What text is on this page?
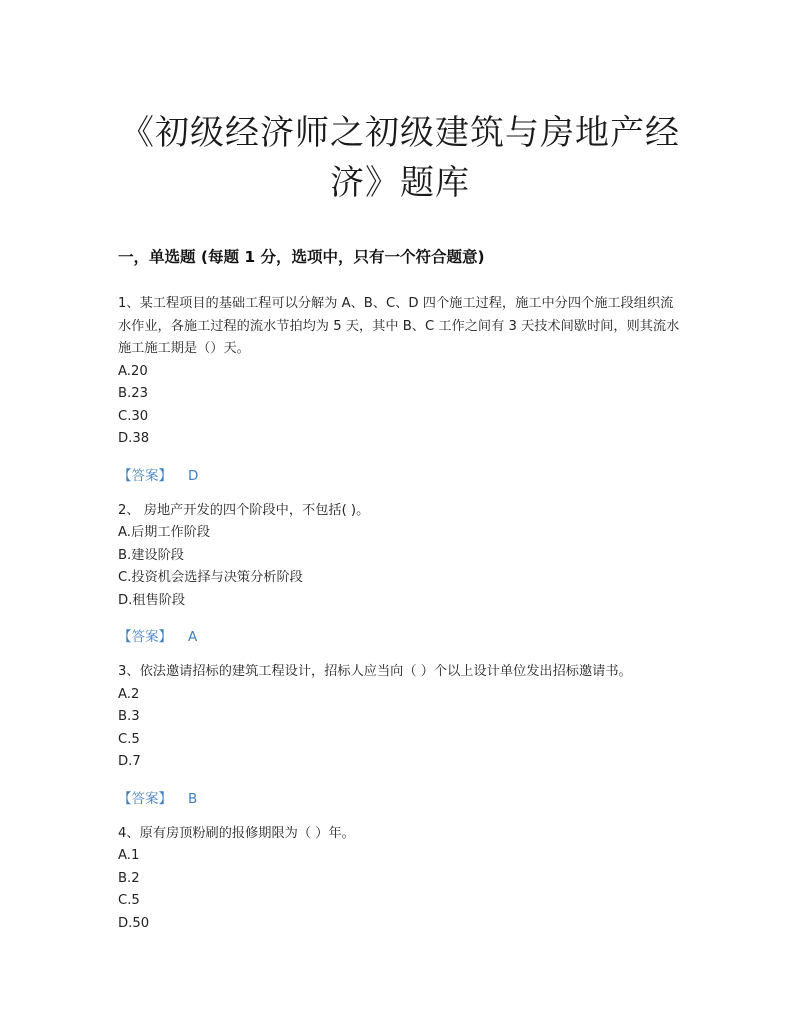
《初级经济师之初级建筑与房地产经
济》题库
一，单选题 (每题 1 分，选项中，只有一个符合题意)

1、某工程项目的基础工程可以分解为 A、B、C、D 四个施工过程，施工中分四个施工段组织流水作业，各施工过程的流水节拍均为 5 天，其中 B、C 工作之间有 3 天技术间歇时间，则其流水施工施工期是（）天。

A.20
B.23
C.30
D.38
【答案】 D

2、 房地产开发的四个阶段中，不包括( )。

A.后期工作阶段
B.建设阶段
C.投资机会选择与决策分析阶段
D.租售阶段
【答案】 A

3、依法邀请招标的建筑工程设计，招标人应当向（ ）个以上设计单位发出招标邀请书。

A.2
B.3
C.5
D.7
【答案】 B

4、原有房顶粉刷的报修期限为（ ）年。

A.1
B.2
C.5
D.50
